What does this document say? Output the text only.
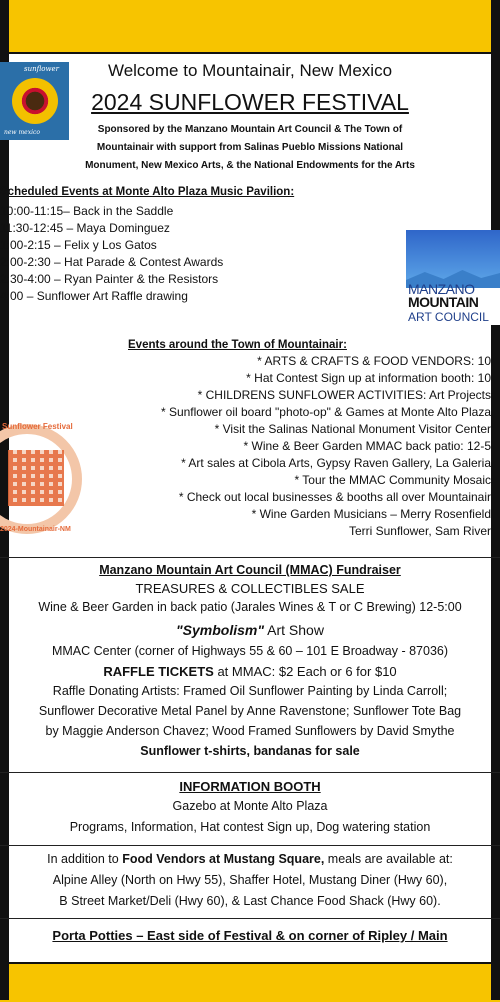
sunflower
new mexico
Welcome to Mountainair, New Mexico
2024 SUNFLOWER FESTIVAL
Sponsored by the Manzano Mountain Art Council & The Town of
Mountainair with support from Salinas Pueblo Missions National
Monument, New Mexico Arts, & the National Endowments for the Arts
Scheduled Events at Monte Alto Plaza Music Pavilion:
10:00-11:15– Back in the Saddle
11:30-12:45 – Maya Dominguez
1:00-2:15 – Felix y Los Gatos
2:00-2:30 – Hat Parade & Contest Awards
2:30-4:00 – Ryan Painter & the Resistors
4:00 – Sunflower Art Raffle drawing	MANZANO
MOUNTAIN
ART COUNCIL
Events around the Town of Mountainair:
* ARTS & CRAFTS & FOOD VENDORS: 10
* Hat Contest Sign up at information booth: 10
* CHILDRENS SUNFLOWER ACTIVITIES: Art Projects
* Sunflower oil board "photo-op" & Games at Monte Alto Plaza
* Visit the Salinas National Monument Visitor Center
* Wine & Beer Garden MMAC back patio: 12-5
* Art sales at Cibola Arts, Gypsy Raven Gallery, La Galeria
* Tour the MMAC Community Mosaic
* Check out local businesses & booths all over Mountainair
* Wine Garden Musicians – Merry Rosenfield
Terri Sunflower, Sam River
Sunflower Festival
2024-Mountainair-NM
Manzano Mountain Art Council (MMAC) Fundraiser
TREASURES & COLLECTIBLES SALE
Wine & Beer Garden in back patio (Jarales Wines & T or C Brewing) 12-5:00
"Symbolism" Art Show
MMAC Center (corner of Highways 55 & 60 – 101 E Broadway - 87036)
RAFFLE TICKETS at MMAC: $2 Each or 6 for $10
Raffle Donating Artists: Framed Oil Sunflower Painting by Linda Carroll;
Sunflower Decorative Metal Panel by Anne Ravenstone; Sunflower Tote Bag
by Maggie Anderson Chavez; Wood Framed Sunflowers by David Smythe
Sunflower t-shirts, bandanas for sale
INFORMATION BOOTH
Gazebo at Monte Alto Plaza
Programs, Information, Hat contest Sign up, Dog watering station
In addition to Food Vendors at Mustang Square, meals are available at:
Alpine Alley (North on Hwy 55), Shaffer Hotel, Mustang Diner (Hwy 60),
B Street Market/Deli (Hwy 60), & Last Chance Food Shack (Hwy 60).
Porta Potties – East side of Festival & on corner of Ripley / Main
